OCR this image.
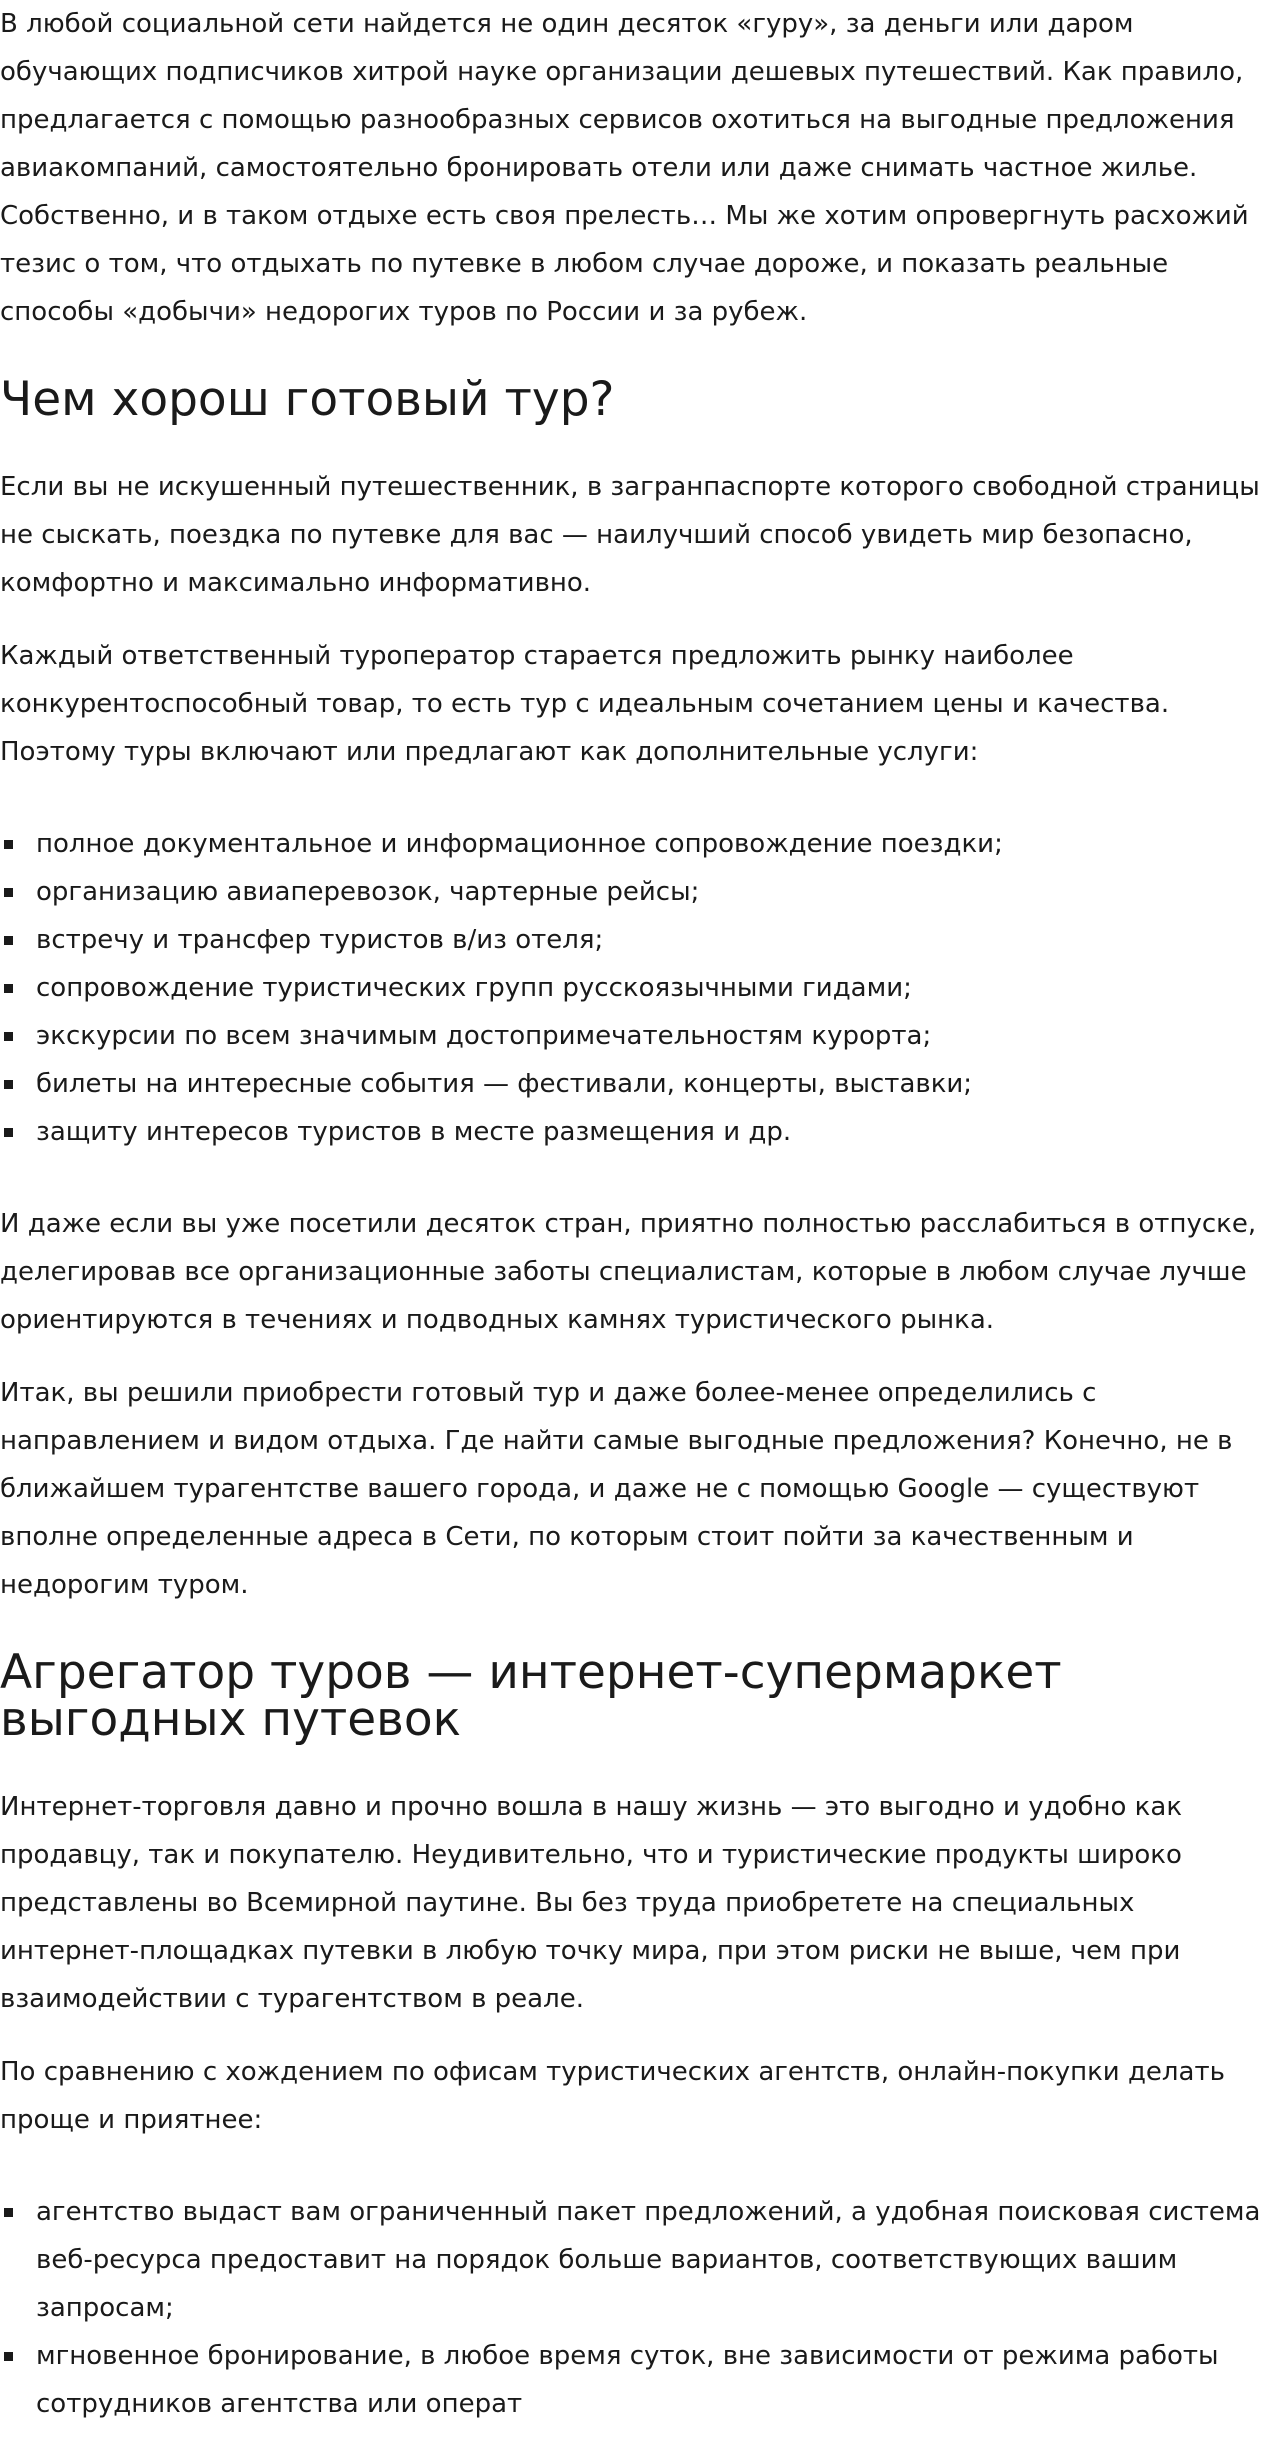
В любой социальной сети найдется не один десяток «гуру», за деньги или даром обучающих подписчиков хитрой науке организации дешевых путешествий. Как правило, предлагается с помощью разнообразных сервисов охотиться на выгодные предложения авиакомпаний, самостоятельно бронировать отели или даже снимать частное жилье. Собственно, и в таком отдыхе есть своя прелесть… Мы же хотим опровергнуть расхожий тезис о том, что отдыхать по путевке в любом случае дороже, и показать реальные способы «добычи» недорогих туров по России и за рубеж.

Чем хорош готовый тур?

Если вы не искушенный путешественник, в загранпаспорте которого свободной страницы не сыскать, поездка по путевке для вас — наилучший способ увидеть мир безопасно, комфортно и максимально информативно.

Каждый ответственный туроператор старается предложить рынку наиболее конкурентоспособный товар, то есть тур с идеальным сочетанием цены и качества. Поэтому туры включают или предлагают как дополнительные услуги:

полное документальное и информационное сопровождение поездки;
организацию авиаперевозок, чартерные рейсы;
встречу и трансфер туристов в/из отеля;
сопровождение туристических групп русскоязычными гидами;
экскурсии по всем значимым достопримечательностям курорта;
билеты на интересные события — фестивали, концерты, выставки;
защиту интересов туристов в месте размещения и др.

И даже если вы уже посетили десяток стран, приятно полностью расслабиться в отпуске, делегировав все организационные заботы специалистам, которые в любом случае лучше ориентируются в течениях и подводных камнях туристического рынка.

Итак, вы решили приобрести готовый тур и даже более-менее определились с направлением и видом отдыха. Где найти самые выгодные предложения? Конечно, не в ближайшем турагентстве вашего города, и даже не с помощью Google — существуют вполне определенные адреса в Сети, по которым стоит пойти за качественным и недорогим туром.

Агрегатор туров — интернет-супермаркет выгодных путевок

Интернет-торговля давно и прочно вошла в нашу жизнь — это выгодно и удобно как продавцу, так и покупателю. Неудивительно, что и туристические продукты широко представлены во Всемирной паутине. Вы без труда приобретете на специальных интернет-площадках путевки в любую точку мира, при этом риски не выше, чем при взаимодействии с турагентством в реале.

По сравнению с хождением по офисам туристических агентств, онлайн-покупки делать проще и приятнее:

агентство выдаст вам ограниченный пакет предложений, а удобная поисковая система веб-ресурса предоставит на порядок больше вариантов, соответствующих вашим запросам;
мгновенное бронирование, в любое время суток, вне зависимости от режима работы сотрудников агентства или операт
